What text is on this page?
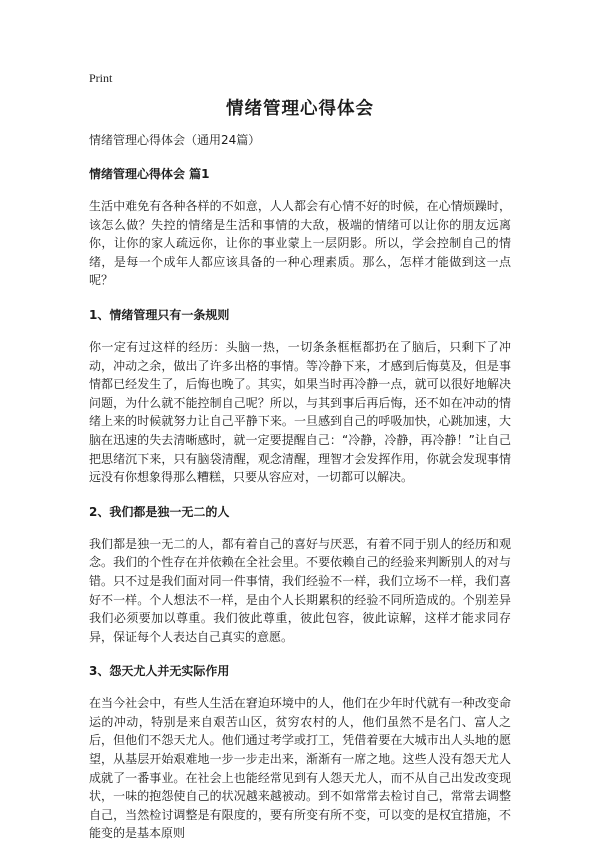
Print
情绪管理心得体会

情绪管理心得体会（通用24篇）

情绪管理心得体会 篇1

生活中难免有各种各样的不如意，人人都会有心情不好的时候，在心情烦躁时，该怎么做？失控的情绪是生活和事情的大敌，极端的情绪可以让你的朋友远离你，让你的家人疏远你，让你的事业蒙上一层阴影。所以，学会控制自己的情绪，是每一个成年人都应该具备的一种心理素质。那么，怎样才能做到这一点呢？

1、情绪管理只有一条规则

你一定有过这样的经历：头脑一热，一切条条框框都扔在了脑后，只剩下了冲动，冲动之余，做出了许多出格的事情。等冷静下来，才感到后悔莫及，但是事情都已经发生了，后悔也晚了。其实，如果当时再冷静一点，就可以很好地解决问题，为什么就不能控制自己呢？所以，与其到事后再后悔，还不如在冲动的情绪上来的时候就努力让自己平静下来。一旦感到自己的呼吸加快，心跳加速，大脑在迅速的失去清晰感时，就一定要提醒自己：“冷静，冷静，再冷静！”让自己把思绪沉下来，只有脑袋清醒，观念清醒，理智才会发挥作用，你就会发现事情远没有你想象得那么糟糕，只要从容应对，一切都可以解决。

2、我们都是独一无二的人

我们都是独一无二的人，都有着自己的喜好与厌恶，有着不同于别人的经历和观念。我们的个性存在并依赖在全社会里。不要依赖自己的经验来判断别人的对与错。只不过是我们面对同一件事情，我们经验不一样，我们立场不一样，我们喜好不一样。个人想法不一样，是由个人长期累积的经验不同所造成的。个别差异我们必须要加以尊重。我们彼此尊重，彼此包容，彼此谅解，这样才能求同存异，保证每个人表达自己真实的意愿。

3、怨天尤人并无实际作用

在当今社会中，有些人生活在窘迫环境中的人，他们在少年时代就有一种改变命运的冲动，特别是来自艰苦山区，贫穷农村的人，他们虽然不是名门、富人之后，但他们不怨天尤人。他们通过考学或打工，凭借着要在大城市出人头地的愿望，从基层开始艰难地一步一步走出来，渐渐有一席之地。这些人没有怨天尤人成就了一番事业。在社会上也能经常见到有人怨天尤人，而不从自己出发改变现状，一味的抱怨使自己的状况越来越被动。到不如常常去检讨自己，常常去调整自己，当然检讨调整是有限度的，要有所变有所不变，可以变的是权宜措施，不能变的是基本原则
